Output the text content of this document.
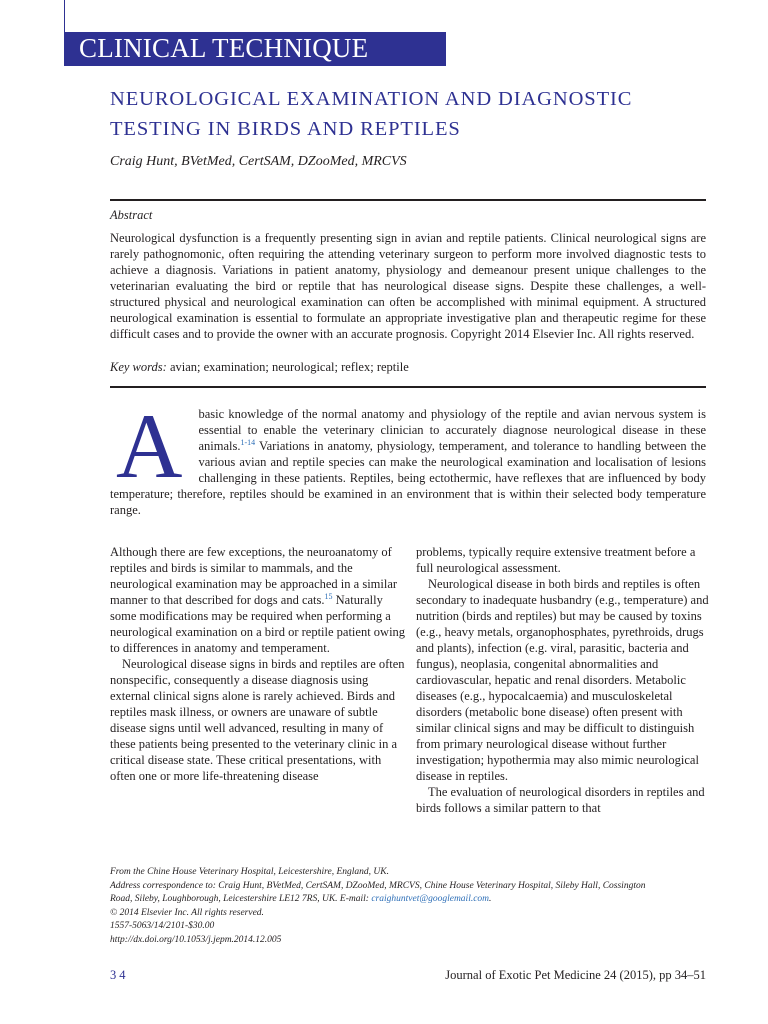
CLINICAL TECHNIQUE
NEUROLOGICAL EXAMINATION AND DIAGNOSTIC
TESTING IN BIRDS AND REPTILES
Craig Hunt, BVetMed, CertSAM, DZooMed, MRCVS
Abstract
Neurological dysfunction is a frequently presenting sign in avian and reptile patients. Clinical neurological signs are rarely pathognomonic, often requiring the attending veterinary surgeon to perform more involved diagnostic tests to achieve a diagnosis. Variations in patient anatomy, physiology and demeanour present unique challenges to the veterinarian evaluating the bird or reptile that has neurological disease signs. Despite these challenges, a well-structured physical and neurological examination can often be accomplished with minimal equipment. A structured neurological examination is essential to formulate an appropriate investigative plan and therapeutic regime for these difficult cases and to provide the owner with an accurate prognosis. Copyright 2014 Elsevier Inc. All rights reserved.
Key words: avian; examination; neurological; reflex; reptile
A basic knowledge of the normal anatomy and physiology of the reptile and avian nervous system is essential to enable the veterinary clinician to accurately diagnose neurological disease in these animals.$^{1-14}$ Variations in anatomy, physiology, temperament, and tolerance to handling between the various avian and reptile species can make the neurological examination and localisation of lesions challenging in these patients. Reptiles, being ectothermic, have reflexes that are influenced by body temperature; therefore, reptiles should be examined in an environment that is within their selected body temperature range.

Although there are few exceptions, the neuroanatomy of reptiles and birds is similar to mammals, and the neurological examination may be approached in a similar manner to that described for dogs and cats.$^{15}$ Naturally some modifications may be required when performing a neurological examination on a bird or reptile patient owing to differences in anatomy and temperament.

Neurological disease signs in birds and reptiles are often nonspecific, consequently a disease diagnosis using external clinical signs alone is rarely achieved. Birds and reptiles mask illness, or owners are unaware of subtle disease signs until well advanced, resulting in many of these patients being presented to the veterinary clinic in a critical disease state. These critical presentations, with often one or more life-threatening disease

problems, typically require extensive treatment before a full neurological assessment.

Neurological disease in both birds and reptiles is often secondary to inadequate husbandry (e.g., temperature) and nutrition (birds and reptiles) but may be caused by toxins (e.g., heavy metals, organophosphates, pyrethroids, drugs and plants), infection (e.g. viral, parasitic, bacteria and fungus), neoplasia, congenital abnormalities and cardiovascular, hepatic and renal disorders. Metabolic diseases (e.g., hypocalcaemia) and musculoskeletal disorders (metabolic bone disease) often present with similar clinical signs and may be difficult to distinguish from primary neurological disease without further investigation; hypothermia may also mimic neurological disease in reptiles.

The evaluation of neurological disorders in reptiles and birds follows a similar pattern to that

From the Chine House Veterinary Hospital, Leicestershire, England, UK.
Address correspondence to: Craig Hunt, BVetMed, CertSAM, DZooMed, MRCVS, Chine House Veterinary Hospital, Sileby Hall, Cossington
Road, Sileby, Loughborough, Leicestershire LE12 7RS, UK. E-mail: craighuntvet@googlemail.com.
© 2014 Elsevier Inc. All rights reserved.
1557-5063/14/2101-$30.00
http://dx.doi.org/10.1053/j.jepm.2014.12.005
34	Journal of Exotic Pet Medicine 24 (2015), pp 34–51
